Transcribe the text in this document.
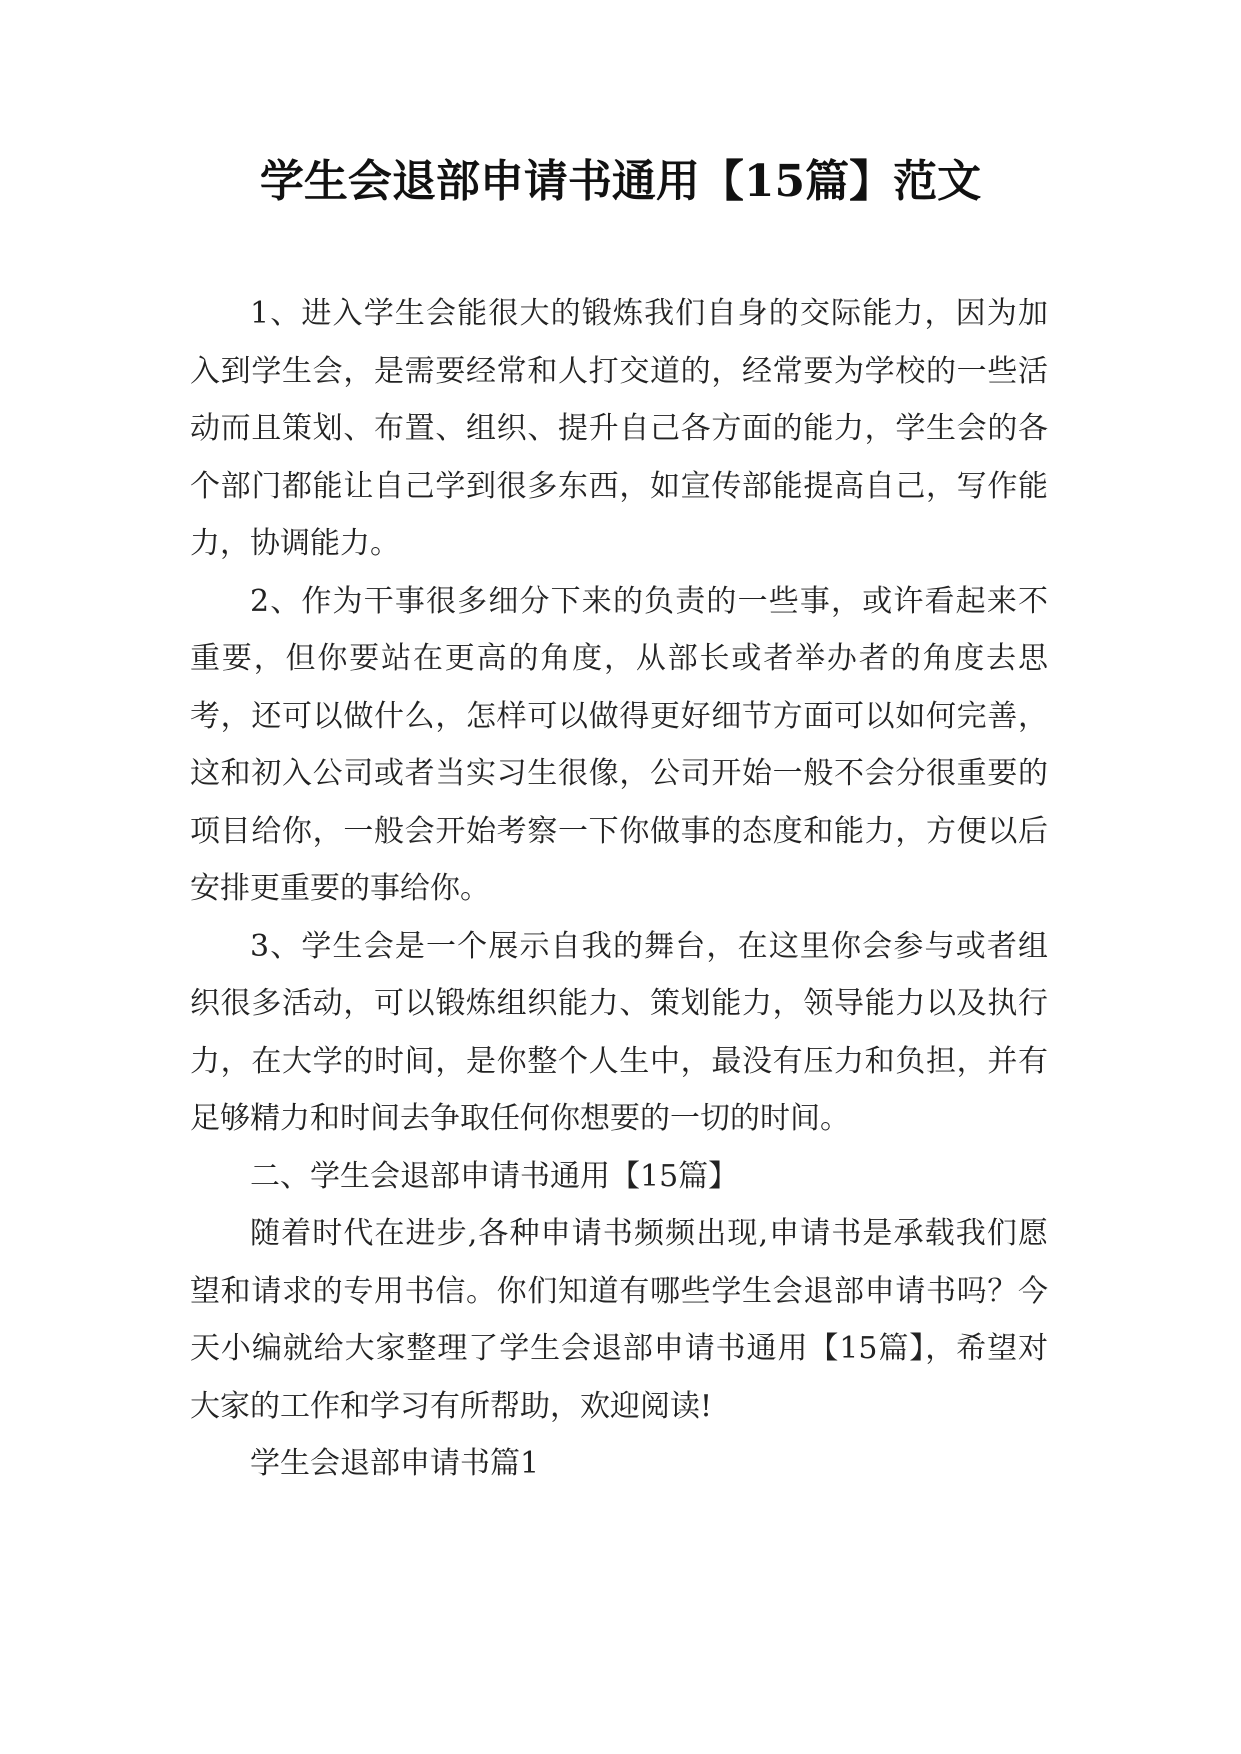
学生会退部申请书通用【15篇】范文

1、进入学生会能很大的锻炼我们自身的交际能力，因为加入到学生会，是需要经常和人打交道的，经常要为学校的一些活动而且策划、布置、组织、提升自己各方面的能力，学生会的各个部门都能让自己学到很多东西，如宣传部能提高自己，写作能力，协调能力。

2、作为干事很多细分下来的负责的一些事，或许看起来不重要，但你要站在更高的角度，从部长或者举办者的角度去思考，还可以做什么，怎样可以做得更好细节方面可以如何完善，这和初入公司或者当实习生很像，公司开始一般不会分很重要的项目给你，一般会开始考察一下你做事的态度和能力，方便以后安排更重要的事给你。

3、学生会是一个展示自我的舞台，在这里你会参与或者组织很多活动，可以锻炼组织能力、策划能力，领导能力以及执行力，在大学的时间，是你整个人生中，最没有压力和负担，并有足够精力和时间去争取任何你想要的一切的时间。

二、学生会退部申请书通用【15篇】

随着时代在进步,各种申请书频频出现,申请书是承载我们愿望和请求的专用书信。你们知道有哪些学生会退部申请书吗？今天小编就给大家整理了学生会退部申请书通用【15篇】，希望对大家的工作和学习有所帮助，欢迎阅读!

学生会退部申请书篇1
